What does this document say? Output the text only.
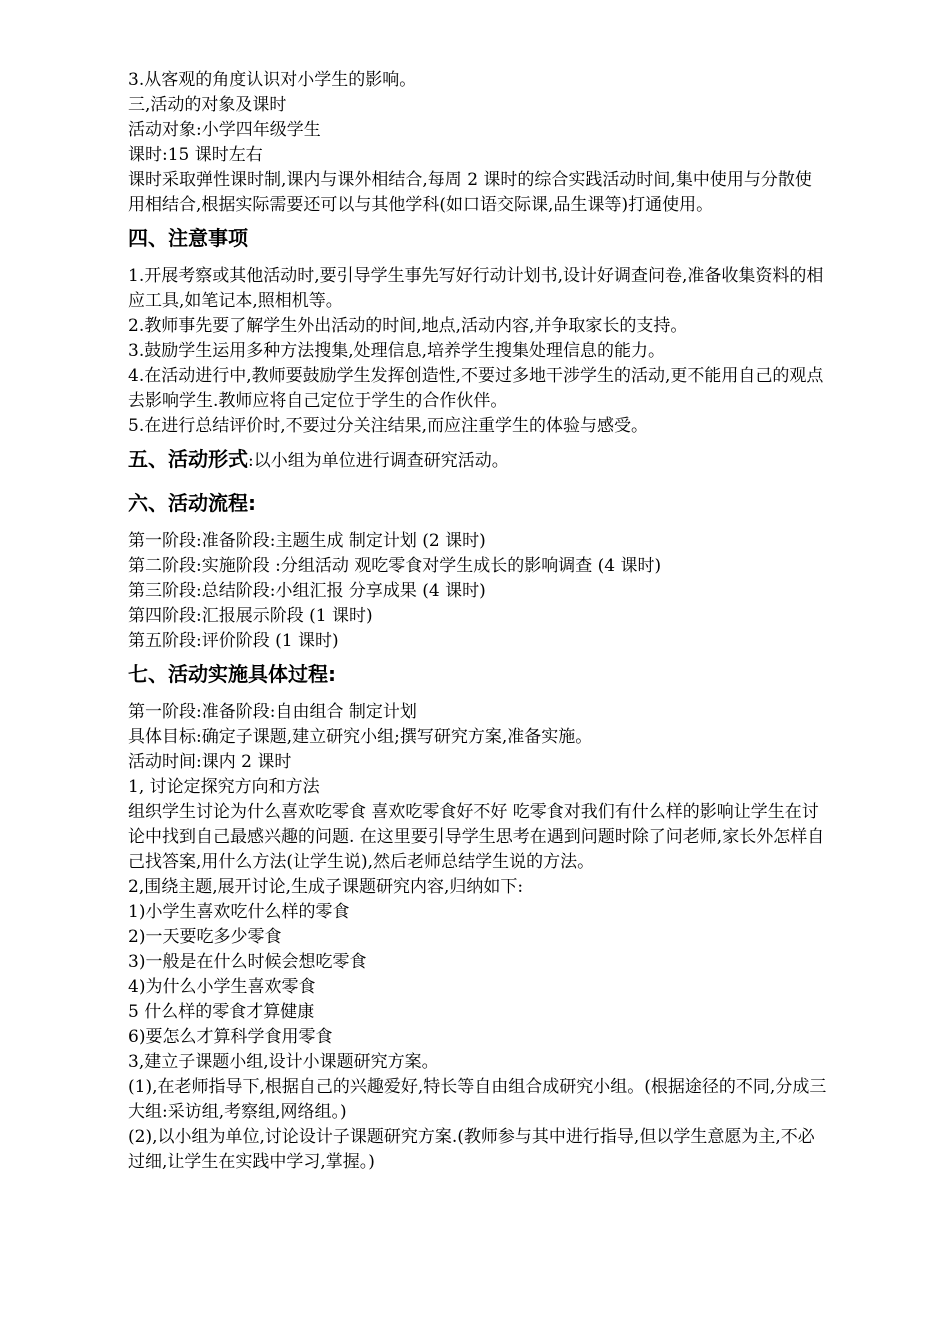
3.从客观的角度认识对小学生的影响。

三,活动的对象及课时

活动对象:小学四年级学生

课时:15 课时左右

课时采取弹性课时制,课内与课外相结合,每周 2 课时的综合实践活动时间,集中使用与分散使用相结合,根据实际需要还可以与其他学科(如口语交际课,品生课等)打通使用。

四、注意事项

1.开展考察或其他活动时,要引导学生事先写好行动计划书,设计好调查问卷,准备收集资料的相应工具,如笔记本,照相机等。

2.教师事先要了解学生外出活动的时间,地点,活动内容,并争取家长的支持。

3.鼓励学生运用多种方法搜集,处理信息,培养学生搜集处理信息的能力。

4.在活动进行中,教师要鼓励学生发挥创造性,不要过多地干涉学生的活动,更不能用自己的观点去影响学生.教师应将自己定位于学生的合作伙伴。

5.在进行总结评价时,不要过分关注结果,而应注重学生的体验与感受。

五、活动形式:以小组为单位进行调查研究活动。

六、活动流程:

第一阶段:准备阶段:主题生成 制定计划 (2 课时)

第二阶段:实施阶段 :分组活动 观吃零食对学生成长的影响调查 (4 课时)

第三阶段:总结阶段:小组汇报 分享成果 (4 课时)

第四阶段:汇报展示阶段 (1 课时)

第五阶段:评价阶段 (1 课时)

七、活动实施具体过程:

第一阶段:准备阶段:自由组合 制定计划

具体目标:确定子课题,建立研究小组;撰写研究方案,准备实施。

活动时间:课内 2 课时

1, 讨论定探究方向和方法

组织学生讨论为什么喜欢吃零食 喜欢吃零食好不好 吃零食对我们有什么样的影响让学生在讨论中找到自己最感兴趣的问题. 在这里要引导学生思考在遇到问题时除了问老师,家长外怎样自己找答案,用什么方法(让学生说),然后老师总结学生说的方法。

2,围绕主题,展开讨论,生成子课题研究内容,归纳如下:

1)小学生喜欢吃什么样的零食

2)一天要吃多少零食

3)一般是在什么时候会想吃零食

4)为什么小学生喜欢零食

5 什么样的零食才算健康

6)要怎么才算科学食用零食

3,建立子课题小组,设计小课题研究方案。

(1),在老师指导下,根据自己的兴趣爱好,特长等自由组合成研究小组。(根据途径的不同,分成三大组:采访组,考察组,网络组。)

(2),以小组为单位,讨论设计子课题研究方案.(教师参与其中进行指导,但以学生意愿为主,不必过细,让学生在实践中学习,掌握。)
